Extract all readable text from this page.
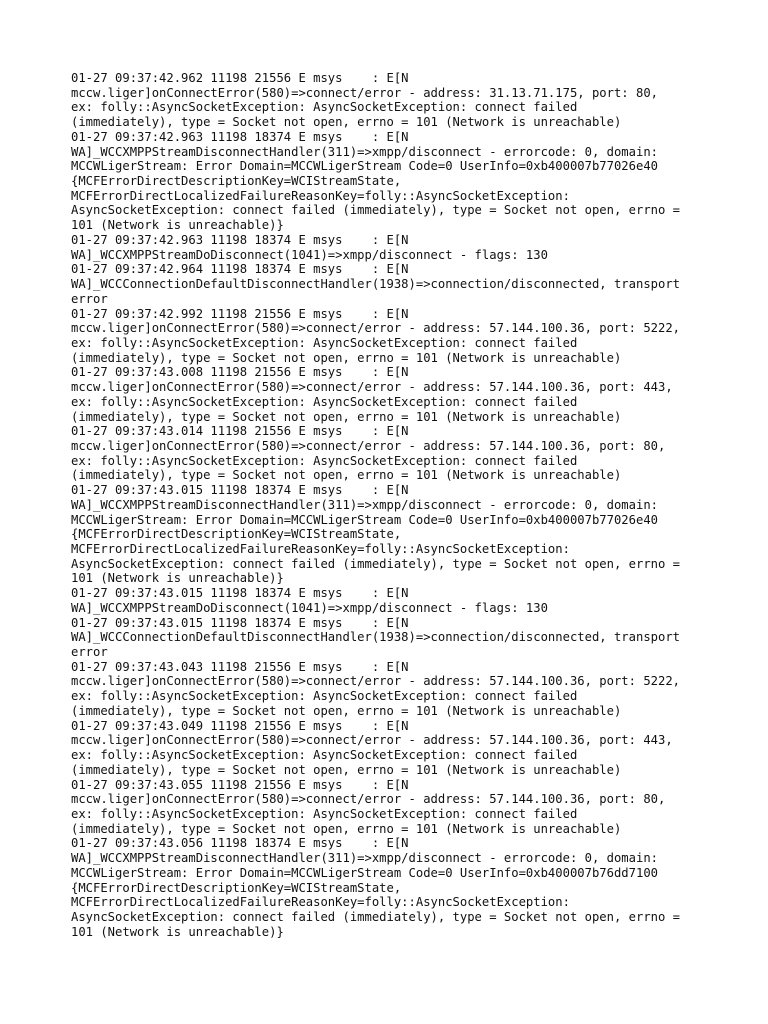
01-27 09:37:42.962 11198 21556 E msys    : E[N
mccw.liger]onConnectError(580)=>connect/error - address: 31.13.71.175, port: 80,
ex: folly::AsyncSocketException: AsyncSocketException: connect failed
(immediately), type = Socket not open, errno = 101 (Network is unreachable)
01-27 09:37:42.963 11198 18374 E msys    : E[N
WA]_WCCXMPPStreamDisconnectHandler(311)=>xmpp/disconnect - errorcode: 0, domain:
MCCWLigerStream: Error Domain=MCCWLigerStream Code=0 UserInfo=0xb400007b77026e40
{MCFErrorDirectDescriptionKey=WCIStreamState,
MCFErrorDirectLocalizedFailureReasonKey=folly::AsyncSocketException:
AsyncSocketException: connect failed (immediately), type = Socket not open, errno =
101 (Network is unreachable)}
01-27 09:37:42.963 11198 18374 E msys    : E[N
WA]_WCCXMPPStreamDoDisconnect(1041)=>xmpp/disconnect - flags: 130
01-27 09:37:42.964 11198 18374 E msys    : E[N
WA]_WCCConnectionDefaultDisconnectHandler(1938)=>connection/disconnected, transport
error
01-27 09:37:42.992 11198 21556 E msys    : E[N
mccw.liger]onConnectError(580)=>connect/error - address: 57.144.100.36, port: 5222,
ex: folly::AsyncSocketException: AsyncSocketException: connect failed
(immediately), type = Socket not open, errno = 101 (Network is unreachable)
01-27 09:37:43.008 11198 21556 E msys    : E[N
mccw.liger]onConnectError(580)=>connect/error - address: 57.144.100.36, port: 443,
ex: folly::AsyncSocketException: AsyncSocketException: connect failed
(immediately), type = Socket not open, errno = 101 (Network is unreachable)
01-27 09:37:43.014 11198 21556 E msys    : E[N
mccw.liger]onConnectError(580)=>connect/error - address: 57.144.100.36, port: 80,
ex: folly::AsyncSocketException: AsyncSocketException: connect failed
(immediately), type = Socket not open, errno = 101 (Network is unreachable)
01-27 09:37:43.015 11198 18374 E msys    : E[N
WA]_WCCXMPPStreamDisconnectHandler(311)=>xmpp/disconnect - errorcode: 0, domain:
MCCWLigerStream: Error Domain=MCCWLigerStream Code=0 UserInfo=0xb400007b77026e40
{MCFErrorDirectDescriptionKey=WCIStreamState,
MCFErrorDirectLocalizedFailureReasonKey=folly::AsyncSocketException:
AsyncSocketException: connect failed (immediately), type = Socket not open, errno =
101 (Network is unreachable)}
01-27 09:37:43.015 11198 18374 E msys    : E[N
WA]_WCCXMPPStreamDoDisconnect(1041)=>xmpp/disconnect - flags: 130
01-27 09:37:43.015 11198 18374 E msys    : E[N
WA]_WCCConnectionDefaultDisconnectHandler(1938)=>connection/disconnected, transport
error
01-27 09:37:43.043 11198 21556 E msys    : E[N
mccw.liger]onConnectError(580)=>connect/error - address: 57.144.100.36, port: 5222,
ex: folly::AsyncSocketException: AsyncSocketException: connect failed
(immediately), type = Socket not open, errno = 101 (Network is unreachable)
01-27 09:37:43.049 11198 21556 E msys    : E[N
mccw.liger]onConnectError(580)=>connect/error - address: 57.144.100.36, port: 443,
ex: folly::AsyncSocketException: AsyncSocketException: connect failed
(immediately), type = Socket not open, errno = 101 (Network is unreachable)
01-27 09:37:43.055 11198 21556 E msys    : E[N
mccw.liger]onConnectError(580)=>connect/error - address: 57.144.100.36, port: 80,
ex: folly::AsyncSocketException: AsyncSocketException: connect failed
(immediately), type = Socket not open, errno = 101 (Network is unreachable)
01-27 09:37:43.056 11198 18374 E msys    : E[N
WA]_WCCXMPPStreamDisconnectHandler(311)=>xmpp/disconnect - errorcode: 0, domain:
MCCWLigerStream: Error Domain=MCCWLigerStream Code=0 UserInfo=0xb400007b76dd7100
{MCFErrorDirectDescriptionKey=WCIStreamState,
MCFErrorDirectLocalizedFailureReasonKey=folly::AsyncSocketException:
AsyncSocketException: connect failed (immediately), type = Socket not open, errno =
101 (Network is unreachable)}
